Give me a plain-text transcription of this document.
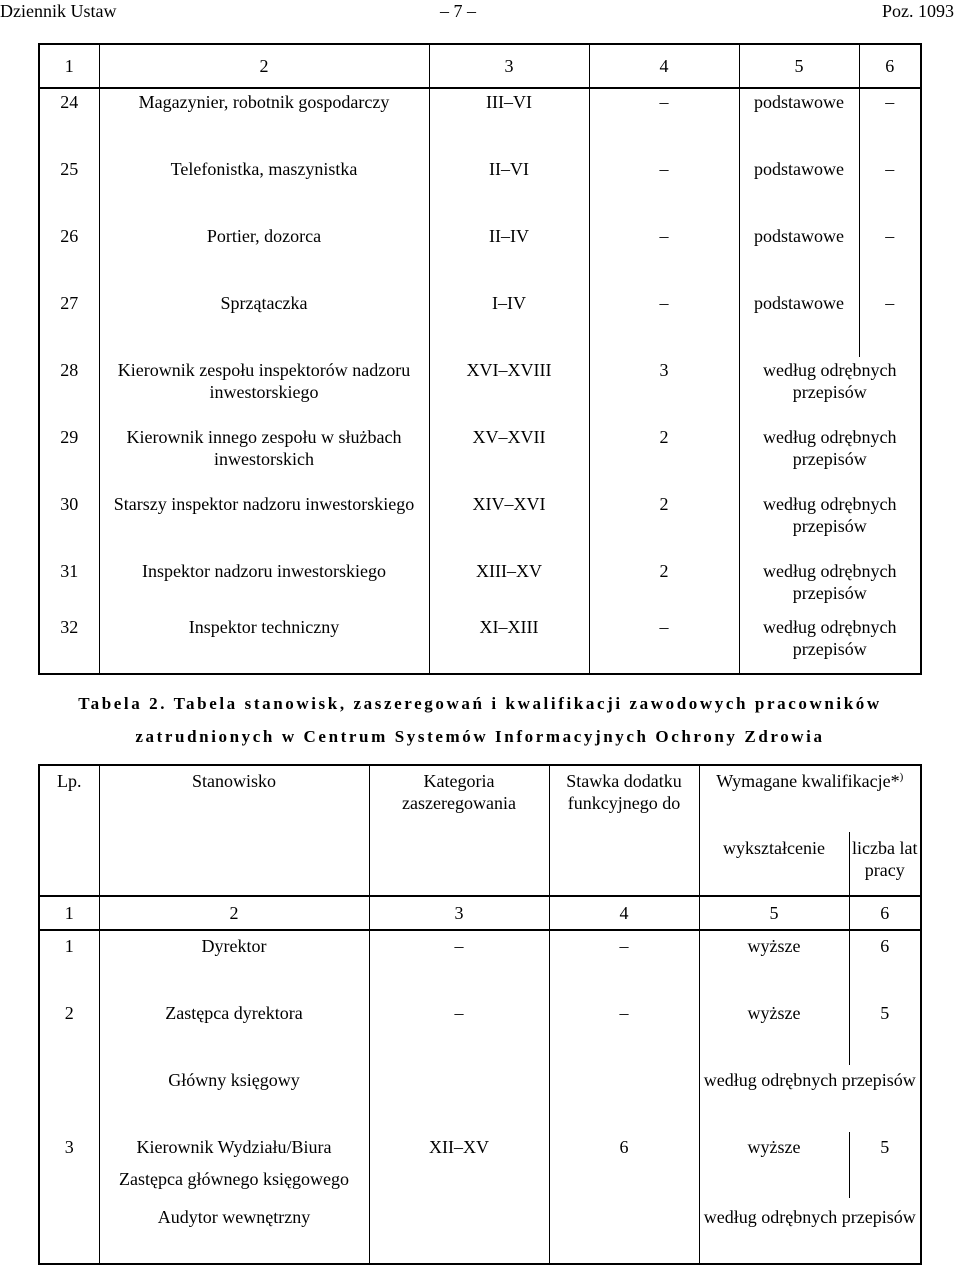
Dziennik Ustaw	– 7 –	Poz. 1093
1	2	3	4	5	6
24	Magazynier, robotnik gospodarczy	III–VI	–	podstawowe	–
25	Telefonistka, maszynistka	II–VI	–	podstawowe	–
26	Portier, dozorca	II–IV	–	podstawowe	–
27	Sprzątaczka	I–IV	–	podstawowe	–
28	Kierownik zespołu inspektorów nadzoru inwestorskiego	XVI–XVIII	3	według odrębnych przepisów	
29	Kierownik innego zespołu w służbach inwestorskich	XV–XVII	2	według odrębnych przepisów	
30	Starszy inspektor nadzoru inwestorskiego	XIV–XVI	2	według odrębnych przepisów	
31	Inspektor nadzoru inwestorskiego	XIII–XV	2	według odrębnych przepisów	
32	Inspektor techniczny	XI–XIII	–	według odrębnych przepisów	
Tabela 2. Tabela stanowisk, zaszeregowań i kwalifikacji zawodowych pracowników
zatrudnionych w Centrum Systemów Informacyjnych Ochrony Zdrowia
Lp.	Stanowisko	Kategoria zaszeregowania	Stawka dodatku funkcyjnego do	Wymagane kwalifikacje*)
				wykształcenie	liczba lat pracy
1	2	3	4	5	6
1	Dyrektor	–	–	wyższe	6
2	Zastępca dyrektora	–	–	wyższe	5
	Główny księgowy			według odrębnych przepisów	
3	Kierownik Wydziału/Biura	XII–XV	6	wyższe	5
	Zastępca głównego księgowego				
	Audytor wewnętrzny			według odrębnych przepisów	
